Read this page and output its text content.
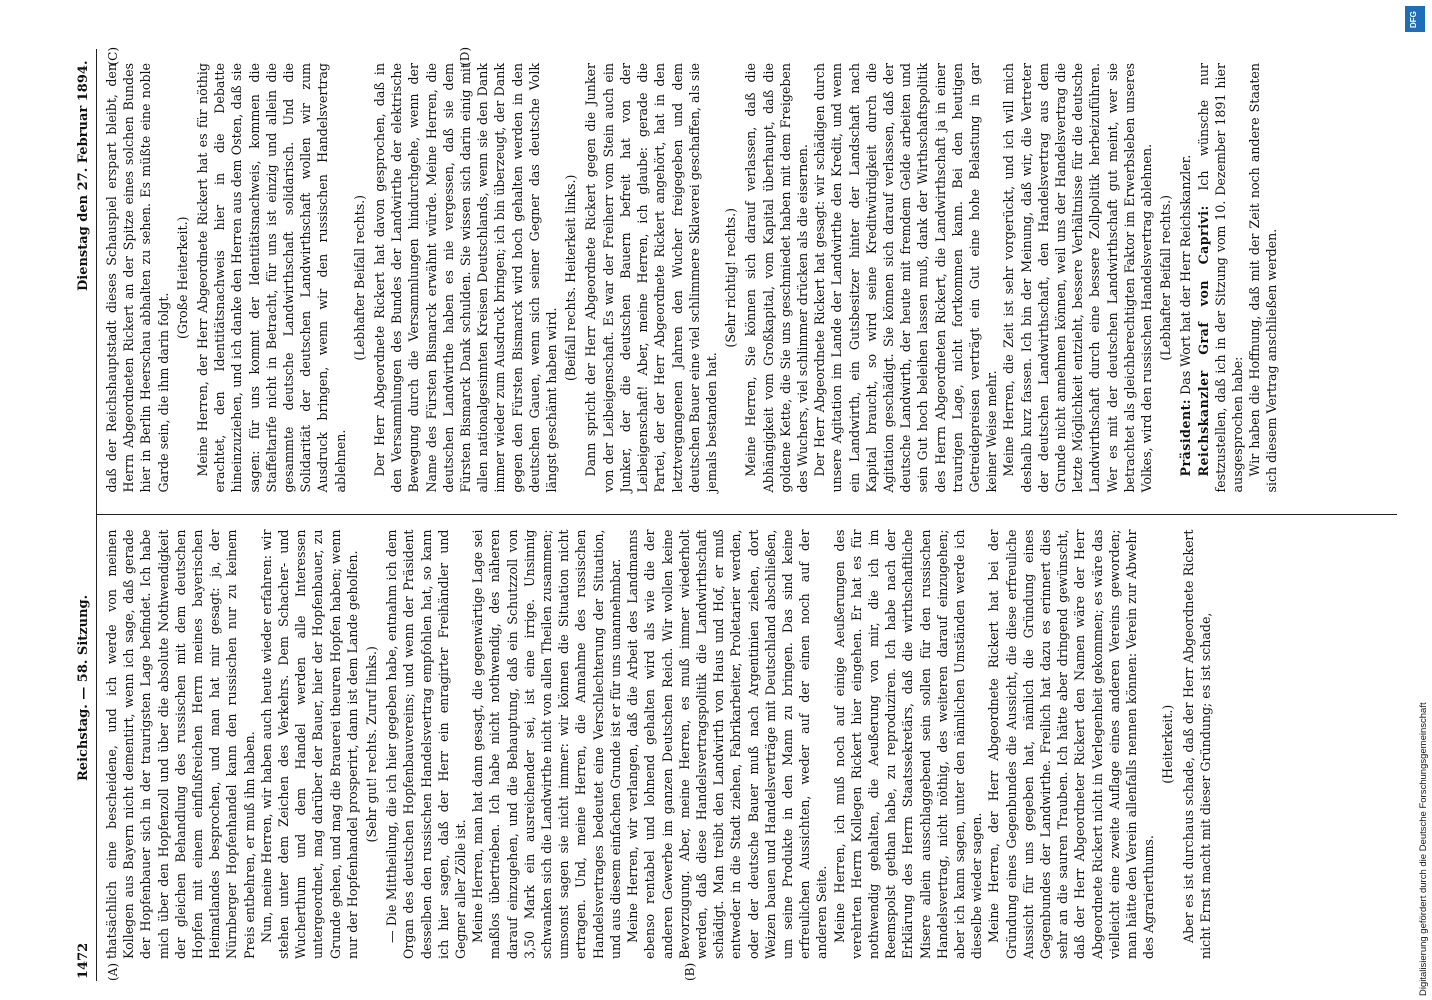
1472
Reichstag. — 58. Sitzung.
Dienstag den 27. Februar 1894.
(A)	(B)

thatsächlich eine bescheidene, und ich werde von meinen Kollegen aus Bayern nicht dementirt, wenn ich sage, daß gerade der Hopfenbauer sich in der traurigsten Lage befindet. Ich habe mich über den Hopfenzoll und über die absolute Nothwendigkeit der gleichen Behandlung des russischen mit dem deutschen Hopfen mit einem einflußreichen Herrn meines bayerischen Heimatlandes besprochen, und man hat mir gesagt: ja, der Nürnberger Hopfenhandel kann den russischen nur zu keinem Preis entbehren, er muß ihn haben. Nun, meine Herren, wir haben auch heute wieder erfahren: wir stehen unter dem Zeichen des Verkehrs. Dem Schacher- und Wucherthum und dem Handel werden alle Interessen untergeordnet, mag darüber der Bauer, hier der Hopfenbauer, zu Grunde gehen, und mag die Brauerei theuren Hopfen haben; wenn nur der Hopfenhandel prosperirt, dann ist dem Lande geholfen. (Sehr gut! rechts. Zuruf links.) — Die Mittheilung, die ich hier gegeben habe, entnahm ich dem Organ des deutschen Hopfenbauvereins; und wenn der Präsident desselben den russischen Handelsvertrag empfohlen hat, so kann ich hier sagen, daß der Herr ein enragirter Freihändler und Gegner aller Zölle ist. Meine Herren, man hat dann gesagt, die gegenwärtige Lage sei maßlos übertrieben. Ich habe nicht nothwendig, des näheren darauf einzugehen, und die Behauptung, daß ein Schutzzoll von 3,50 Mark ein ausreichender sei, ist eine irrige. Unsinnig schwanken sich die Landwirthe nicht von allen Theilen zusammen; umsonst sagen sie nicht immer: wir können die Situation nicht ertragen. Und, meine Herren, die Annahme des russischen Handelsvertrages bedeutet eine Verschlechterung der Situation, und aus diesem einfachen Grunde ist er für uns unannehmbar. Meine Herren, wir verlangen, daß die Arbeit des Landmanns ebenso rentabel und lohnend gehalten wird als wie die der anderen Gewerbe im ganzen Deutschen Reich. Wir wollen keine Bevorzugung. Aber, meine Herren, es muß immer wiederholt werden, daß diese Handelsvertragspolitik die Landwirthschaft schädigt. Man treibt den Landwirth von Haus und Hof, er muß entweder in die Stadt ziehen, Fabrikarbeiter, Proletarier werden, oder der deutsche Bauer muß nach Argentinien ziehen, dort Weizen bauen und Handelsverträge mit Deutschland abschließen, um seine Produkte in den Mann zu bringen. Das sind keine erfreulichen Aussichten, weder auf der einen noch auf der anderen Seite. Meine Herren, ich muß noch auf einige Aeußerungen des verehrten Herrn Kollegen Rickert hier eingehen. Er hat es für nothwendig gehalten, die Aeußerung von mir, die ich im Reemspolst gethan habe, zu reproduziren. Ich habe nach der Erklärung des Herrn Staatssekretärs, daß die wirthschaftliche Misere allein ausschlaggebend sein sollen für den russischen Handelsvertrag, nicht nöthig, des weiteren darauf einzugehen; aber ich kann sagen, unter den nämlichen Umständen werde ich dieselbe wieder sagen. Meine Herren, der Herr Abgeordnete Rickert hat bei der Gründung eines Gegenbundes die Aussicht, die diese erfreuliche Aussicht für uns gegeben hat, nämlich die Gründung eines Gegenbundes der Landwirthe. Freilich hat dazu es erinnert dies sehr an die sauren Trauben. Ich hätte aber dringend gewünscht, daß der Herr Abgeordneter Rickert den Namen wäre der Herr Abgeordnete Rickert nicht in Verlegenheit gekommen; es wäre das vielleicht eine zweite Auflage eines anderen Vereins geworden; man hätte den Verein allenfalls nennen können: Verein zur Abwehr des Agrarierthums.

(Heiterkeit.) Aber es ist durchaus schade, daß der Herr Abgeordnete Rickert nicht Ernst macht mit dieser Gründung; es ist schade,

(C)	(D)

daß der Reichshauptstadt dieses Schauspiel erspart bleibt, den Herrn Abgeordneten Rickert an der Spitze eines solchen Bundes hier in Berlin Heerschau abhalten zu sehen. Es müßte eine noble Garde sein, die ihm darin folgt.

(Große Heiterkeit.) Meine Herren, der Herr Abgeordnete Rickert hat es für nöthig erachtet, den Identitätsnachweis hier in die Debatte hineinzuziehen, und ich danke den Herren aus dem Osten, daß sie sagen: für uns kommt der Identitätsnachweis, kommen die Staffeltarife nicht in Betracht, für uns ist einzig und allein die gesammte deutsche Landwirthschaft solidarisch. Und die Solidarität der deutschen Landwirthschaft wollen wir zum Ausdruck bringen, wenn wir den russischen Handelsvertrag ablehnen.

(Lebhafter Beifall rechts.) Der Herr Abgeordnete Rickert hat davon gesprochen, daß in den Versammlungen des Bundes der Landwirthe der elektrische Bewegung durch die Versammlungen hindurchgehe, wenn der Name des Fürsten Bismarck erwähnt würde. Meine Herren, die deutschen Landwirthe haben es nie vergessen, daß sie dem Fürsten Bismarck Dank schulden. Sie wissen sich darin einig mit allen nationalgesinnten Kreisen Deutschlands, wenn sie den Dank immer wieder zum Ausdruck bringen; ich bin überzeugt, der Dank gegen den Fürsten Bismarck wird hoch gehalten werden in den deutschen Gauen, wenn sich seiner Gegner das deutsche Volk längst geschämt haben wird.

(Beifall rechts. Heiterkeit links.) Dann spricht der Herr Abgeordnete Rickert gegen die Junker von der Leibeigenschaft. Es war der Freiherr vom Stein auch ein Junker, der die deutschen Bauern befreit hat von der Leibeigenschaft! Aber, meine Herren, ich glaube: gerade die Partei, der der Herr Abgeordnete Rickert angehört, hat in den letztvergangenen Jahren den Wucher freigegeben und dem deutschen Bauer eine viel schlimmere Sklaverei geschaffen, als sie jemals bestanden hat.

(Sehr richtig! rechts.) Meine Herren, Sie können sich darauf verlassen, daß die Abhängigkeit vom Großkapital, vom Kapital überhaupt, daß die goldene Kette, die Sie uns geschmiedet haben mit dem Freigeben des Wuchers, viel schlimmer drücken als die eisernen. Der Herr Abgeordnete Rickert hat gesagt: wir schädigen durch unsere Agitation im Lande der Landwirthe den Kredit, und wenn ein Landwirth, ein Gutsbesitzer hinter der Landschaft nach Kapital braucht, so wird seine Kreditwürdigkeit durch die Agitation geschädigt. Sie können sich darauf verlassen, daß der deutsche Landwirth, der heute mit fremdem Gelde arbeiten und sein Gut hoch beleihen lassen muß, dank der Wirthschaftspolitik des Herrn Abgeordneten Rickert, die Landwirthschaft ja in einer traurigen Lage, nicht fortkommen kann. Bei den heutigen Getreidepreisen verträgt ein Gut eine hohe Belastung in gar keiner Weise mehr. Meine Herren, die Zeit ist sehr vorgerückt, und ich will mich deshalb kurz fassen. Ich bin der Meinung, daß wir, die Vertreter der deutschen Landwirthschaft, den Handelsvertrag aus dem Grunde nicht annehmen können, weil uns der Handelsvertrag die letzte Möglichkeit entzieht, bessere Verhältnisse für die deutsche Landwirthschaft durch eine bessere Zollpolitik herbeizuführen. Wer es mit der deutschen Landwirthschaft gut meint, wer sie betrachtet als gleichberechtigten Faktor im Erwerbsleben unseres Volkes, wird den russischen Handelsvertrag ablehnen. (Lebhafter Beifall rechts.)

Präsident: Das Wort hat der Herr Reichskanzler. Reichskanzler Graf von Caprivi: Ich wünsche nur festzustellen, daß ich in der Sitzung vom 10. Dezember 1891 hier ausgesprochen habe: Wir haben die Hoffnung, daß mit der Zeit noch andere Staaten sich diesem Vertrag anschließen werden.

DFG
Digitalisierung gefördert durch die Deutsche Forschungsgemeinschaft
